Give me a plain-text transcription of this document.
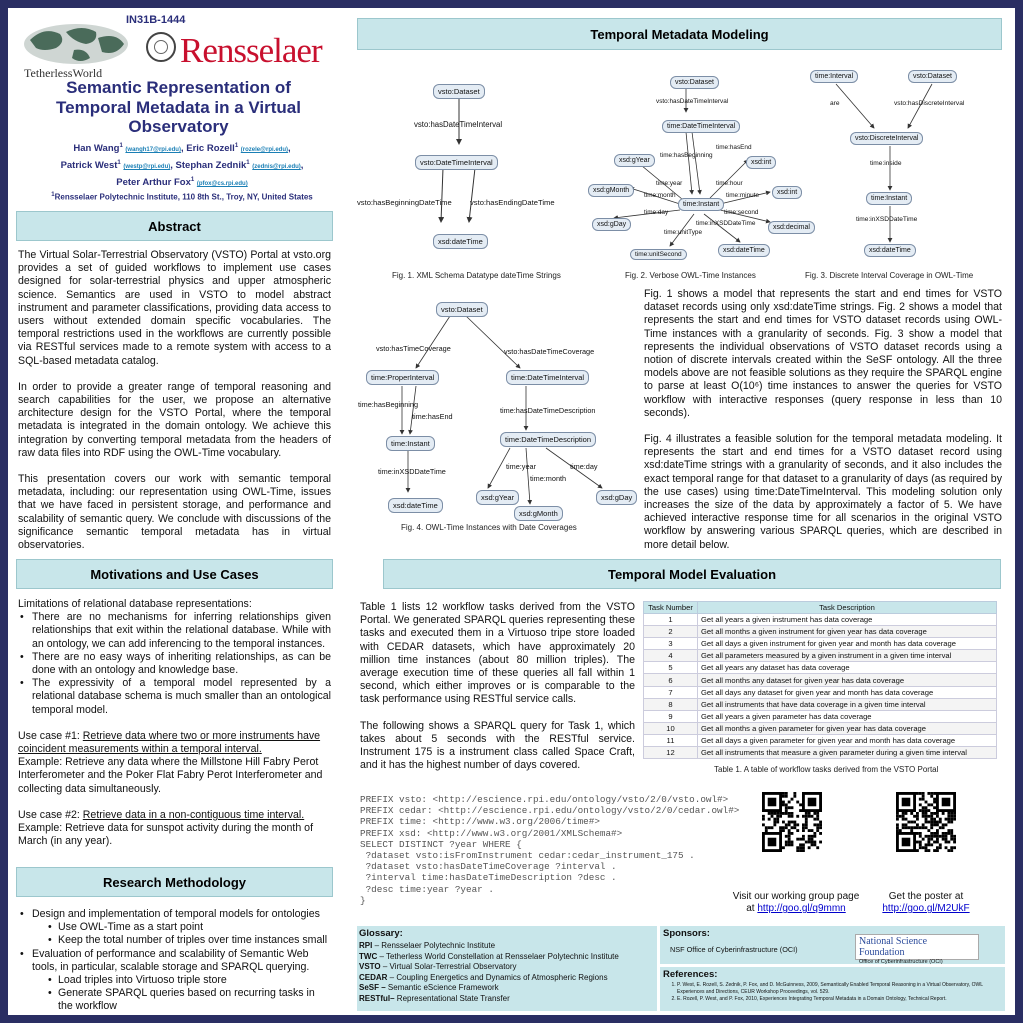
IN31B-1444
TetherlessWorld
Rensselaer
Semantic Representation of Temporal Metadata in a Virtual Observatory
Han Wang$^1$ (wangh17@rpi.edu), Eric Rozell$^1$ (rozele@rpi.edu),
Patrick West$^1$ (westp@rpi.edu), Stephan Zednik$^1$ (zednis@rpi.edu),
Peter Arthur Fox$^1$ (pfox@cs.rpi.edu)
$^1$Rensselaer Polytechnic Institute, 110 8th St., Troy, NY, United States
Abstract

The Virtual Solar-Terrestrial Observatory (VSTO) Portal at vsto.org provides a set of guided workflows to implement use cases designed for solar-terrestrial physics and upper atmospheric science. Semantics are used in VSTO to model abstract instrument and parameter classifications, providing data access to users without extended domain specific vocabularies. The temporal restrictions used in the workflows are currently possible via RESTful services made to a remote system with access to a SQL-based metadata catalog.

In order to provide a greater range of temporal reasoning and search capabilities for the user, we propose an alternative architecture design for the VSTO Portal, where the temporal metadata is integrated in the domain ontology. We achieve this integration by converting temporal metadata from the headers of raw data files into RDF using the OWL-Time vocabulary.

This presentation covers our work with semantic temporal metadata, including: our representation using OWL-Time, issues that we have faced in persistent storage, and performance and scalability of semantic query. We conclude with discussions of the significance semantic temporal metadata has in virtual observatories.

Motivations and Use Cases
Limitations of relational database representations:
• There are no mechanisms for inferring relationships given relationships that exit within the relational database. While with an ontology, we can add inferencing to the temporal instances.
• There are no easy ways of inheriting relationships, as can be done with an ontology and knowledge base.
• The expressivity of a temporal model represented by a relational database schema is much smaller than an ontological temporal model.

Use case #1: Retrieve data where two or more instruments have coincident measurements within a temporal interval.
Example: Retrieve any data where the Millstone Hill Fabry Perot Interferometer and the Poker Flat Fabry Perot Interferometer and collecting data simultaneously.

Use case #2: Retrieve data in a non-contiguous time interval.
Example: Retrieve data for sunspot activity during the month of March (in any year).

Research Methodology
• Design and implementation of temporal models for ontologies
• Use OWL-Time as a start point
• Keep the total number of triples over time instances small
• Evaluation of performance and scalability of Semantic Web tools, in particular, scalable storage and SPARQL querying.
• Load triples into Virtuoso triple store
• Generate SPARQL queries based on recurring tasks in the workflow
Temporal Metadata Modeling
vsto:Dataset
vsto:hasDateTimeInterval
vsto:DateTimeInterval
vsto:hasBeginningDateTime vsto:hasEndingDateTime
xsd:dateTime
Fig. 1. XML Schema Datatype dateTime Strings
vsto:Dataset
vsto:hasDateTimeInterval
time:DateTimeInterval
time:hasEnd
time:hasBeginning
xsd:gYear	xsd:int
time:hour
time:year
time:month
xsd:gMonth
time:minute	xsd:int
time:Instant
time:day	time:second
xsd:gDay	time:inXSDDateTime
xsd:decimal
time:unitType
xsd:dateTime
time:unitSecond
Fig. 2. Verbose OWL-Time Instances
time:Interval	vsto:Dataset
are	vsto:hasDiscreteInterval
vsto:DiscreteInterval
time:inside
time:Instant
time:inXSDDateTime
xsd:dateTime
Fig. 3. Discrete Interval Coverage in OWL-Time
vsto:Dataset
vsto:hasTimeCoverage	vsto:hasDateTimeCoverage
time:ProperInterval	time:DateTimeInterval
time:hasBeginning
time:hasEnd
time:hasDateTimeDescription
time:Instant	time:DateTimeDescription
time:inXSDDateTime
time:year	time:day
time:month
xsd:gYear	xsd:gDay
xsd:dateTime
xsd:gMonth
Fig. 4. OWL-Time Instances with Date Coverages

Fig. 1 shows a model that represents the start and end times for VSTO dataset records using only xsd:dateTime strings. Fig. 2 shows a model that represents the start and end times for VSTO dataset records using OWL-Time instances with a granularity of seconds. Fig. 3 show a model that represents the individual observations of VSTO dataset records using a notion of discrete intervals created within the SeSF ontology. All the three models above are not feasible solutions as they require the SPARQL engine to parse at least O(10⁶) time instances to answer the queries for VSTO workflow with interactive responses (query response in less than 10 seconds).

Fig. 4 illustrates a feasible solution for the temporal metadata modeling. It represents the start and end times for a VSTO dataset record using xsd:dateTime strings with a granularity of seconds, and it also includes the exact temporal range for that dataset to a granularity of days (as required by the use cases) using time:DateTimeInterval. This modeling solution only increases the size of the data by approximately a factor of 5. We have achieved interactive response time for all scenarios in the original VSTO workflow by answering various SPARQL queries, which are described in more detail below.

Temporal Model Evaluation

Table 1 lists 12 workflow tasks derived from the VSTO Portal. We generated SPARQL queries representing these tasks and executed them in a Virtuoso tripe store loaded with CEDAR datasets, which have approximately 20 million time instances (about 80 million triples). The average execution time of these queries all fall within 1 second, which either improves or is comparable to the task performance using RESTful service calls.

The following shows a SPARQL query for Task 1, which takes about 5 seconds with the RESTful service. Instrument 175 is a instrument class called Space Craft, and it has the highest number of days covered.

Task Number	Task Description
1	Get all years a given instrument has data coverage
2	Get all months a given instrument for given year has data coverage
3	Get all days a given instrument for given year and month has data coverage
4	Get all parameters measured by a given instrument in a given time interval
5	Get all years any dataset has data coverage
6	Get all months any dataset for given year has data coverage
7	Get all days any dataset for given year and month has data coverage
8	Get all instruments that have data coverage in a given time interval
9	Get all years a given parameter has data coverage
10	Get all months a given parameter for given year has data coverage
11	Get all days a given parameter for given year and month has data coverage
12	Get all instruments that measure a given parameter during a given time interval
Table 1. A table of workflow tasks derived from the VSTO Portal
PREFIX vsto: <http://escience.rpi.edu/ontology/vsto/2/0/vsto.owl#>
PREFIX cedar: <http://escience.rpi.edu/ontology/vsto/2/0/cedar.owl#>
PREFIX time: <http://www.w3.org/2006/time#>
PREFIX xsd: <http://www.w3.org/2001/XMLSchema#>
SELECT DISTINCT ?year WHERE {
?dataset vsto:isFromInstrument cedar:cedar_instrument_175 .
?dataset vsto:hasDateTimeCoverage ?interval .
?interval time:hasDateTimeDescription ?desc .
?desc time:year ?year .
}	Visit our working group page
at http://goo.gl/q9mmn
Get the poster at
http://goo.gl/M2UkF
Glossary:
RPI – Rensselaer Polytechnic Institute
TWC – Tetherless World Constellation at Rensselaer Polytechnic Institute
VSTO – Virtual Solar-Terrestrial Observatory
CEDAR – Coupling Energetics and Dynamics of Atmospheric Regions
SeSF – Semantic eScience Framework
RESTful– Representational State Transfer
Sponsors:
NSF Office of Cyberinfrastructure (OCI)
National Science Foundation
Office of Cyberinfrastructure (OCI)
References:
1. P. West, E. Rozell, S. Zednik, P. Fox, and D. McGuinness, 2009, Semantically Enabled Temporal Reasoning in a Virtual Observatory, OWL Experiences and Directions, CEUR Workshop Proceedings, vol. 529.
2. E. Rozell, P. West, and P. Fox, 2010, Experiences Integrating Temporal Metadata in a Domain Ontology, Technical Report.
